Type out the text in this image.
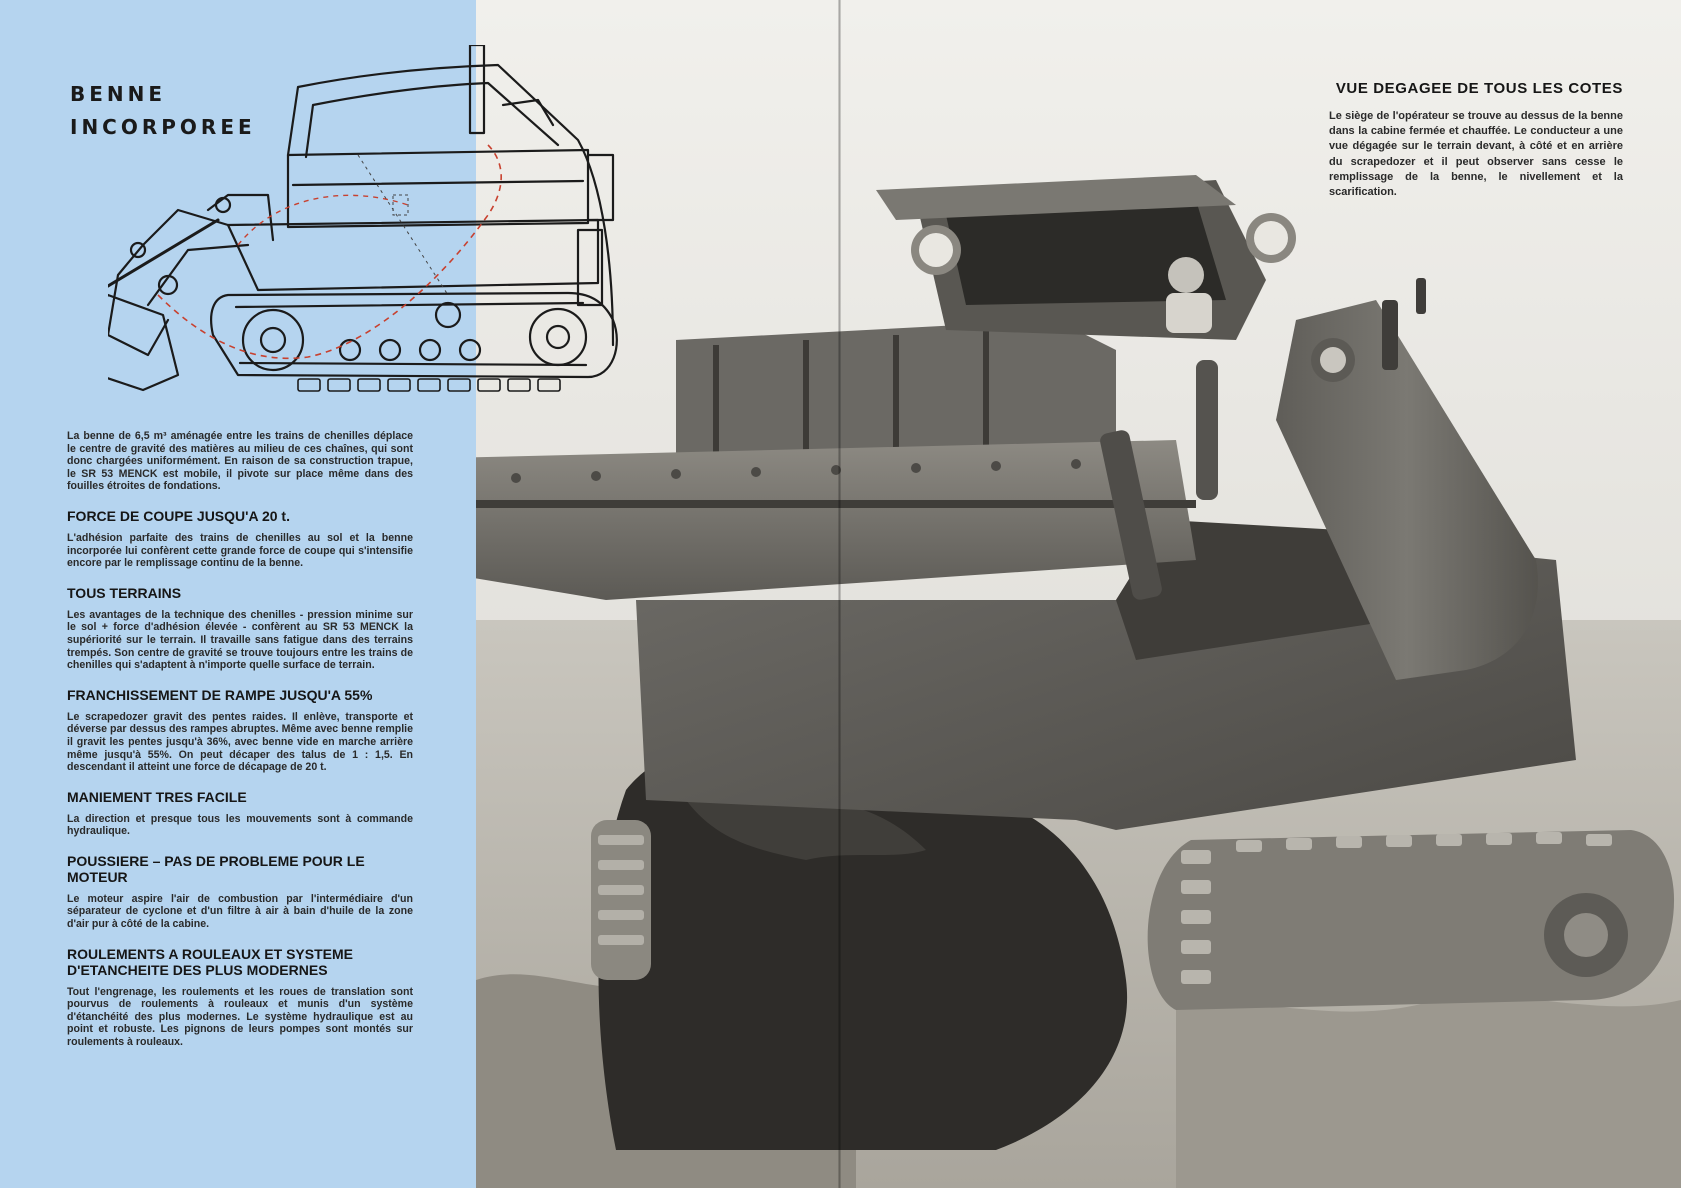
BENNE
INCORPOREE

La benne de 6,5 m³ aménagée entre les trains de chenilles déplace le centre de gravité des matières au milieu de ces chaînes, qui sont donc chargées uniformément. En raison de sa construction trapue, le SR 53 MENCK est mobile, il pivote sur place même dans des fouilles étroites de fondations.

FORCE DE COUPE JUSQU'A 20 t.

L'adhésion parfaite des trains de chenilles au sol et la benne incorporée lui confèrent cette grande force de coupe qui s'intensifie encore par le remplissage continu de la benne.

TOUS TERRAINS

Les avantages de la technique des chenilles - pression minime sur le sol + force d'adhésion élevée - confèrent au SR 53 MENCK la supériorité sur le terrain. Il travaille sans fatigue dans des terrains trempés. Son centre de gravité se trouve toujours entre les trains de chenilles qui s'adaptent à n'importe quelle surface de terrain.

FRANCHISSEMENT DE RAMPE JUSQU'A 55%

Le scrapedozer gravit des pentes raides. Il enlève, transporte et déverse par dessus des rampes abruptes. Même avec benne remplie il gravit les pentes jusqu'à 36%, avec benne vide en marche arrière même jusqu'à 55%. On peut décaper des talus de 1 : 1,5. En descendant il atteint une force de décapage de 20 t.

MANIEMENT TRES FACILE

La direction et presque tous les mouvements sont à commande hydraulique.

POUSSIERE – PAS DE PROBLEME POUR LE MOTEUR

Le moteur aspire l'air de combustion par l'intermédiaire d'un séparateur de cyclone et d'un filtre à air à bain d'huile de la zone d'air pur à côté de la cabine.

ROULEMENTS A ROULEAUX ET SYSTEME D'ETANCHEITE DES PLUS MODERNES

Tout l'engrenage, les roulements et les roues de translation sont pourvus de roulements à rouleaux et munis d'un système d'étanchéité des plus modernes. Le système hydraulique est au point et robuste. Les pignons de leurs pompes sont montés sur roulements à rouleaux.

VUE DEGAGEE DE TOUS LES COTES

Le siège de l'opérateur se trouve au dessus de la benne dans la cabine fermée et chauffée. Le conducteur a une vue dégagée sur le terrain devant, à côté et en arrière du scrapedozer et il peut observer sans cesse le remplissage de la benne, le nivellement et la scarification.
